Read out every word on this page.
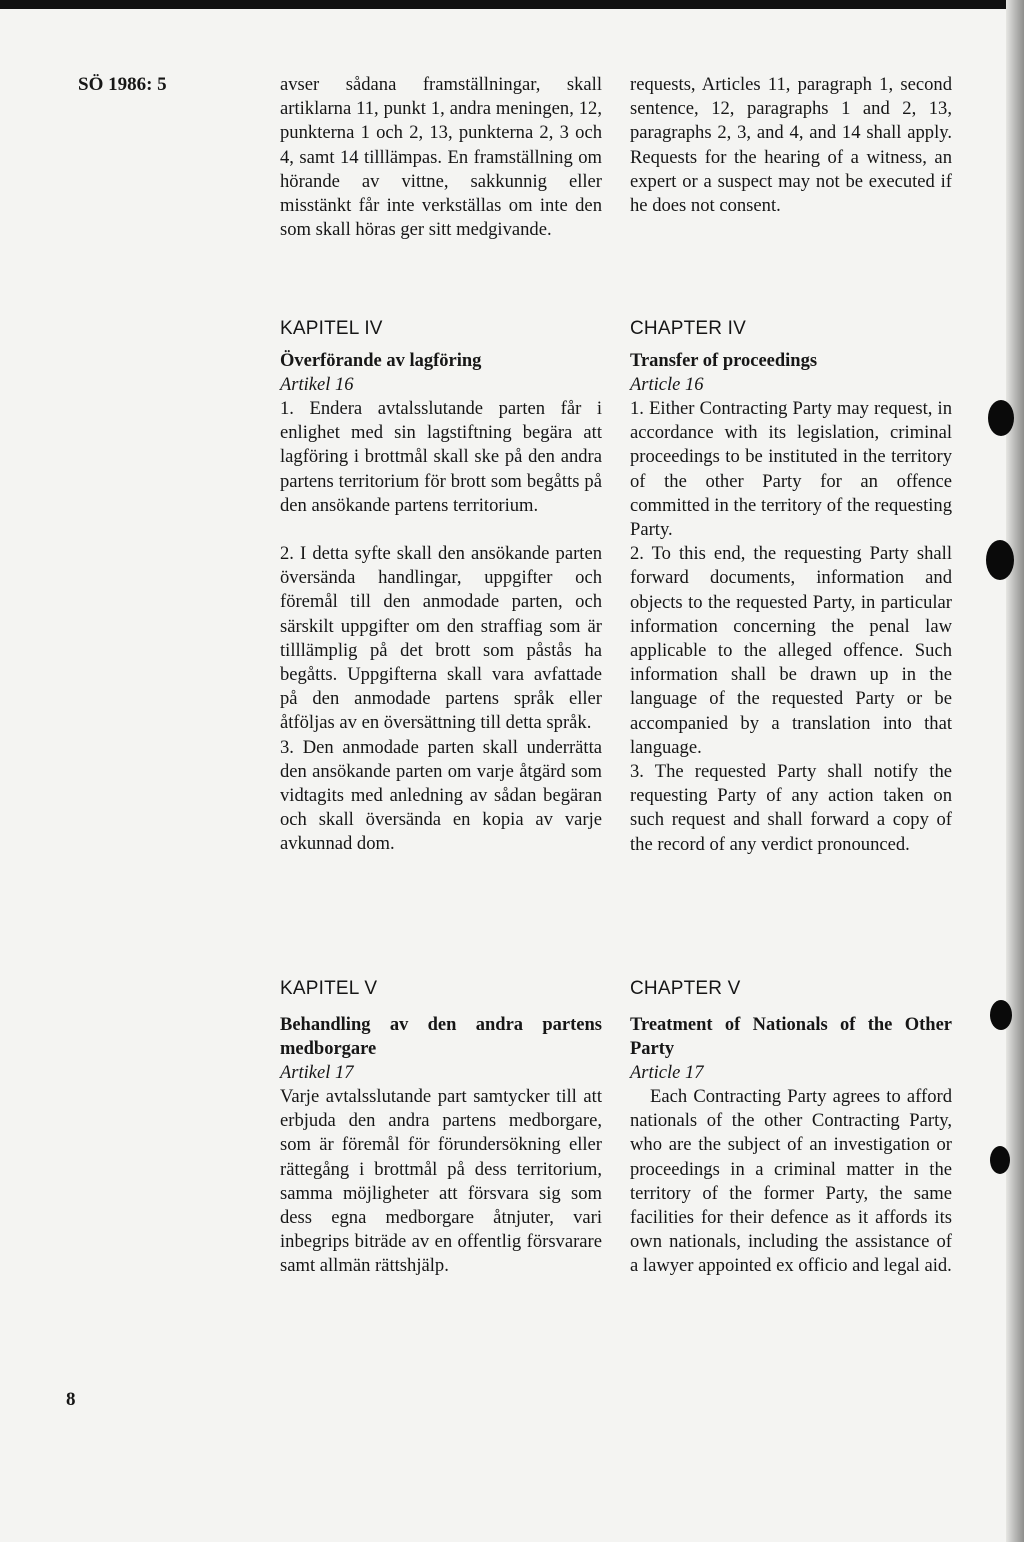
SÖ 1986: 5
8

avser sådana framställningar, skall artiklarna 11, punkt 1, andra meningen, 12, punkterna 1 och 2, 13, punkterna 2, 3 och 4, samt 14 tilllämpas. En framställning om hörande av vittne, sakkunnig eller misstänkt får inte verkställas om inte den som skall höras ger sitt medgivande.

KAPITEL IV

Överförande av lagföring

Artikel 16

1. Endera avtalsslutande parten får i enlighet med sin lagstiftning begära att lagföring i brottmål skall ske på den andra partens territorium för brott som begåtts på den ansökande partens territorium.

2. I detta syfte skall den ansökande parten översända handlingar, uppgifter och föremål till den anmodade parten, och särskilt uppgifter om den straffiag som är tilllämplig på det brott som påstås ha begåtts. Uppgifterna skall vara avfattade på den anmodade partens språk eller åtföljas av en översättning till detta språk.

3. Den anmodade parten skall underrätta den ansökande parten om varje åtgärd som vidtagits med anledning av sådan begäran och skall översända en kopia av varje avkunnad dom.

KAPITEL V

Behandling av den andra partens medborgare

Artikel 17

Varje avtalsslutande part samtycker till att erbjuda den andra partens medborgare, som är föremål för förundersökning eller rättegång i brottmål på dess territorium, samma möjligheter att försvara sig som dess egna medborgare åtnjuter, vari inbegrips biträde av en offentlig försvarare samt allmän rättshjälp.

requests, Articles 11, paragraph 1, second sentence, 12, paragraphs 1 and 2, 13, paragraphs 2, 3, and 4, and 14 shall apply. Requests for the hearing of a witness, an expert or a suspect may not be executed if he does not consent.

CHAPTER IV

Transfer of proceedings

Article 16

1. Either Contracting Party may request, in accordance with its legislation, criminal proceedings to be instituted in the territory of the other Party for an offence committed in the territory of the requesting Party.

2. To this end, the requesting Party shall forward documents, information and objects to the requested Party, in particular information concerning the penal law applicable to the alleged offence. Such information shall be drawn up in the language of the requested Party or be accompanied by a translation into that language.

3. The requested Party shall notify the requesting Party of any action taken on such request and shall forward a copy of the record of any verdict pronounced.

CHAPTER V

Treatment of Nationals of the Other Party

Article 17

Each Contracting Party agrees to afford nationals of the other Contracting Party, who are the subject of an investigation or proceedings in a criminal matter in the territory of the former Party, the same facilities for their defence as it affords its own nationals, including the assistance of a lawyer appointed ex officio and legal aid.
